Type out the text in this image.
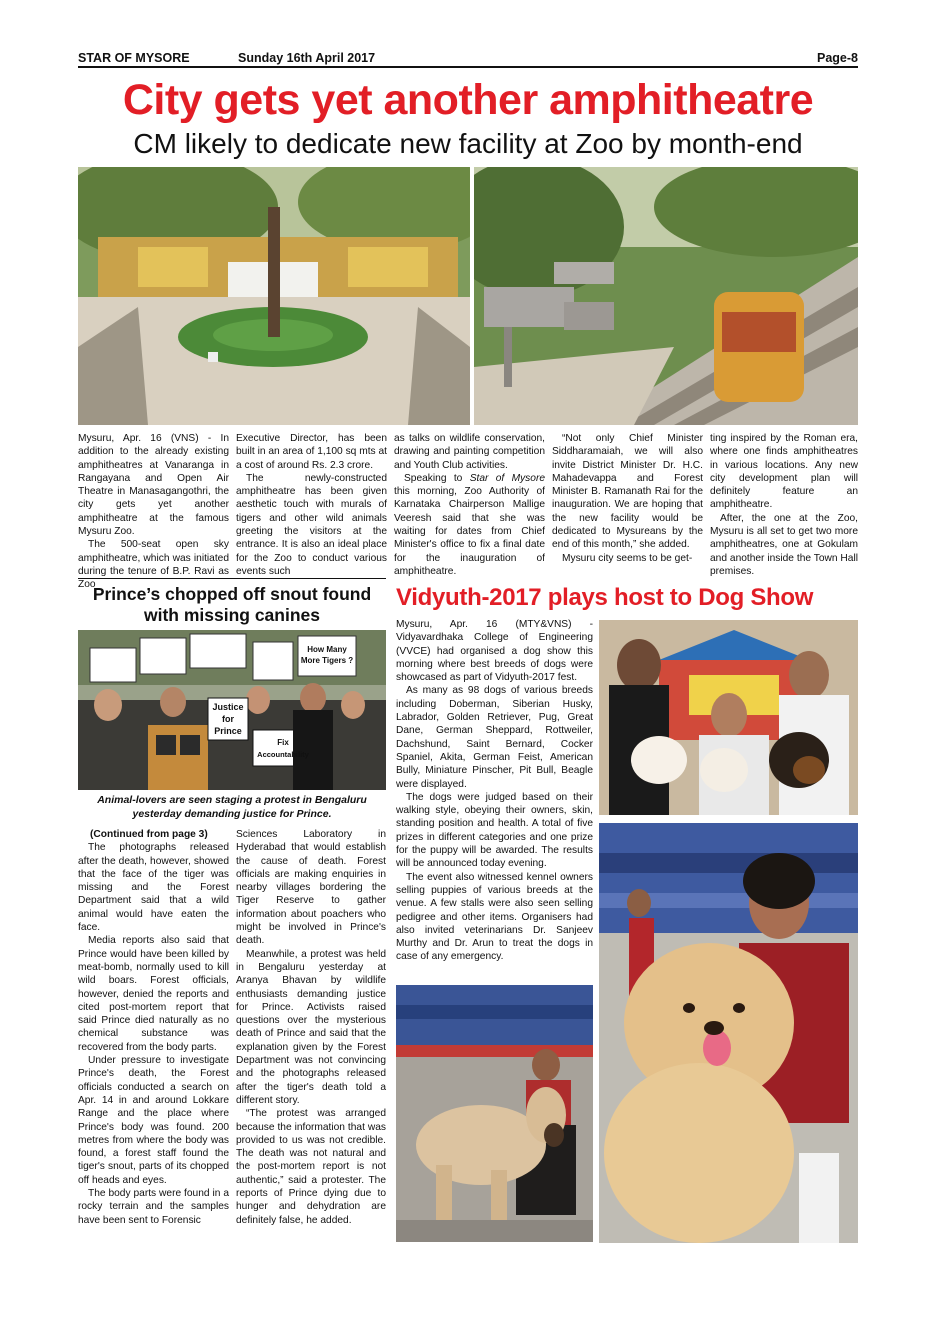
STAR OF MYSORE	Sunday 16th April 2017	Page-8
City gets yet another amphitheatre
CM likely to dedicate new facility at Zoo by month-end

Mysuru, Apr. 16 (VNS) - In addition to the already existing amphitheatres at Vanaranga in Rangayana and Open Air Theatre in Manasagangothri, the city gets yet another amphitheatre at the famous Mysuru Zoo.

The 500-seat open sky amphitheatre, which was initiated during the tenure of B.P. Ravi as Zoo

Executive Director, has been built in an area of 1,100 sq mts at a cost of around Rs. 2.3 crore.

The newly-constructed amphitheatre has been given aesthetic touch with murals of tigers and other wild animals greeting the visitors at the entrance. It is also an ideal place for the Zoo to conduct various events such

as talks on wildlife conservation, drawing and painting competition and Youth Club activities.

Speaking to Star of Mysore this morning, Zoo Authority of Karnataka Chairperson Mallige Veeresh said that she was waiting for dates from Chief Minister's office to fix a final date for the inauguration of amphitheatre.

“Not only Chief Minister Siddharamaiah, we will also invite District Minister Dr. H.C. Mahadevappa and Forest Minister B. Ramanath Rai for the inauguration. We are hoping that the new facility would be dedicated to Mysureans by the end of this month,” she added.

Mysuru city seems to be get-

ting inspired by the Roman era, where one finds amphitheatres in various locations. Any new city development plan will definitely feature an amphitheatre.

After, the one at the Zoo, Mysuru is all set to get two more amphitheatres, one at Gokulam and another inside the Town Hall premises.

Prince’s chopped off snout found with missing canines
Justice
for
Prince
Fix
Accountability
How Many
More Tigers ?
Animal-lovers are seen staging a protest in Bengaluru yesterday demanding justice for Prince.

(Continued from page 3)

The photographs released after the death, however, showed that the face of the tiger was missing and the Forest Department said that a wild animal would have eaten the face.

Media reports also said that Prince would have been killed by meat-bomb, normally used to kill wild boars. Forest officials, however, denied the reports and cited post-mortem report that said Prince died naturally as no chemical substance was recovered from the body parts.

Under pressure to investigate Prince's death, the Forest officials conducted a search on Apr. 14 in and around Lokkare Range and the place where Prince's body was found. 200 metres from where the body was found, a forest staff found the tiger's snout, parts of its chopped off heads and eyes.

The body parts were found in a rocky terrain and the samples have been sent to Forensic

Sciences Laboratory in Hyderabad that would establish the cause of death. Forest officials are making enquiries in nearby villages bordering the Tiger Reserve to gather information about poachers who might be involved in Prince's death.

Meanwhile, a protest was held in Bengaluru yesterday at Aranya Bhavan by wildlife enthusiasts demanding justice for Prince. Activists raised questions over the mysterious death of Prince and said that the explanation given by the Forest Department was not convincing and the photographs released after the tiger's death told a different story.

“The protest was arranged because the information that was provided to us was not credible. The death was not natural and the post-mortem report is not authentic,” said a protester. The reports of Prince dying due to hunger and dehydration are definitely false, he added.

Vidyuth-2017 plays host to Dog Show

Mysuru, Apr. 16 (MTY&VNS) - Vidyavardhaka College of Engineering (VVCE) had organised a dog show this morning where best breeds of dogs were showcased as part of Vidyuth-2017 fest.

As many as 98 dogs of various breeds including Doberman, Siberian Husky, Labrador, Golden Retriever, Pug, Great Dane, German Sheppard, Rottweiler, Dachshund, Saint Bernard, Cocker Spaniel, Akita, German Feist, American Bully, Miniature Pinscher, Pit Bull, Beagle were displayed.

The dogs were judged based on their walking style, obeying their owners, skin, standing position and health. A total of five prizes in different categories and one prize for the puppy will be awarded. The results will be announced today evening.

The event also witnessed kennel owners selling puppies of various breeds at the venue. A few stalls were also seen selling pedigree and other items. Organisers had also invited veterinarians Dr. Sanjeev Murthy and Dr. Arun to treat the dogs in case of any emergency.
